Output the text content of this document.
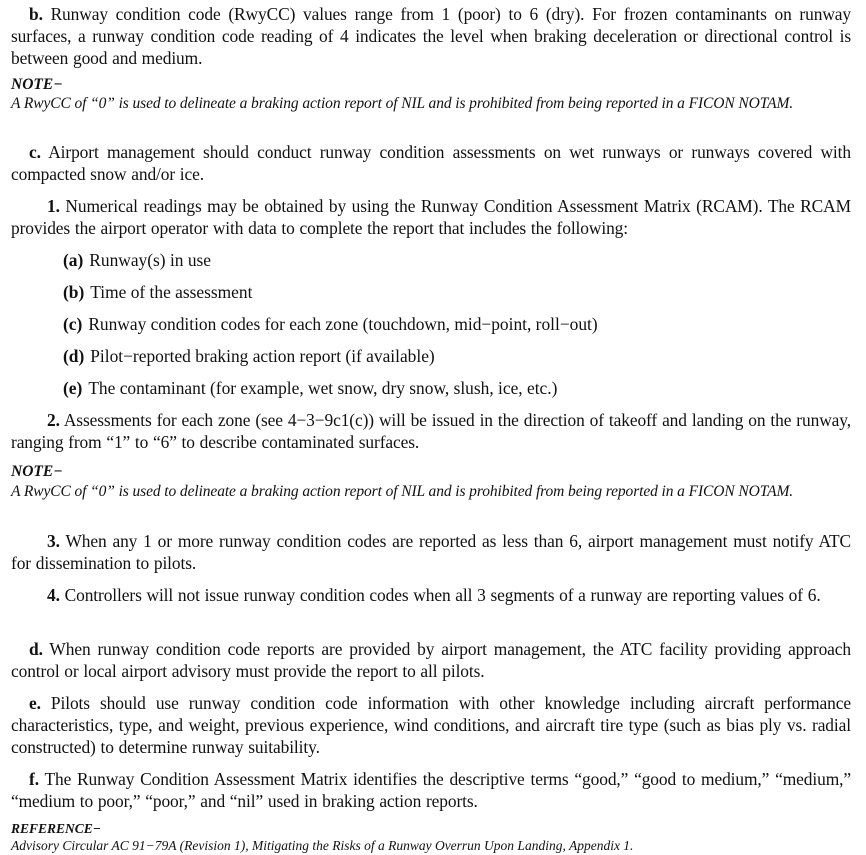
b. Runway condition code (RwyCC) values range from 1 (poor) to 6 (dry). For frozen contaminants on runway surfaces, a runway condition code reading of 4 indicates the level when braking deceleration or directional control is between good and medium.
NOTE−
A RwyCC of “0” is used to delineate a braking action report of NIL and is prohibited from being reported in a FICON NOTAM.
c. Airport management should conduct runway condition assessments on wet runways or runways covered with compacted snow and/or ice.
1. Numerical readings may be obtained by using the Runway Condition Assessment Matrix (RCAM). The RCAM provides the airport operator with data to complete the report that includes the following:
(a) Runway(s) in use
(b) Time of the assessment
(c) Runway condition codes for each zone (touchdown, mid−point, roll−out)
(d) Pilot−reported braking action report (if available)
(e) The contaminant (for example, wet snow, dry snow, slush, ice, etc.)
2. Assessments for each zone (see 4−3−9c1(c)) will be issued in the direction of takeoff and landing on the runway, ranging from “1” to “6” to describe contaminated surfaces.
NOTE−
A RwyCC of “0” is used to delineate a braking action report of NIL and is prohibited from being reported in a FICON NOTAM.
3. When any 1 or more runway condition codes are reported as less than 6, airport management must notify ATC for dissemination to pilots.
4. Controllers will not issue runway condition codes when all 3 segments of a runway are reporting values of 6.
d. When runway condition code reports are provided by airport management, the ATC facility providing approach control or local airport advisory must provide the report to all pilots.
e. Pilots should use runway condition code information with other knowledge including aircraft performance characteristics, type, and weight, previous experience, wind conditions, and aircraft tire type (such as bias ply vs. radial constructed) to determine runway suitability.
f. The Runway Condition Assessment Matrix identifies the descriptive terms “good,” “good to medium,” “medium,” “medium to poor,” “poor,” and “nil” used in braking action reports.
REFERENCE−
Advisory Circular AC 91−79A (Revision 1), Mitigating the Risks of a Runway Overrun Upon Landing, Appendix 1.
